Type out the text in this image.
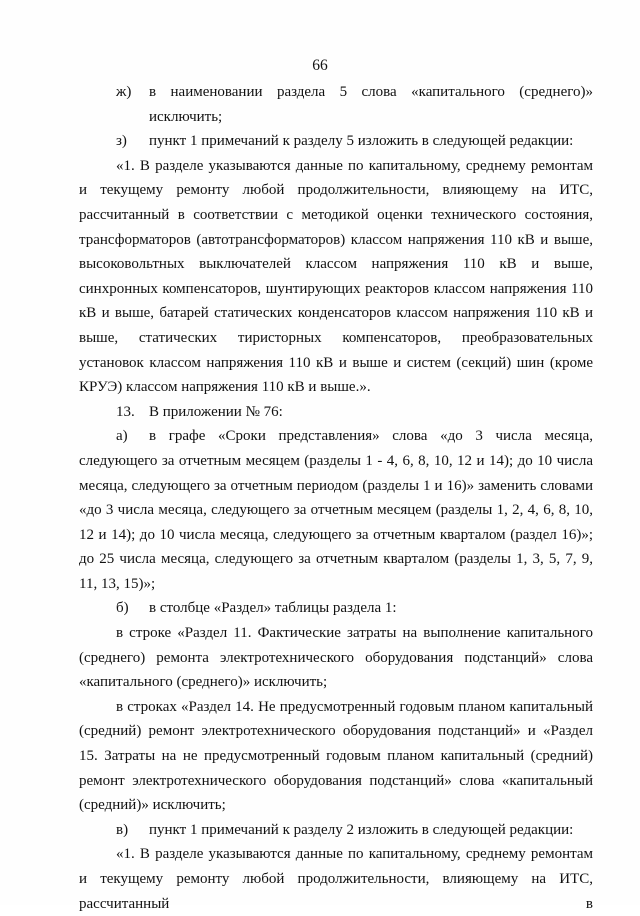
66
ж)	в наименовании раздела 5 слова «капитального (среднего)» исключить;
з)	пункт 1 примечаний к разделу 5 изложить в следующей редакции:

«1. В разделе указываются данные по капитальному, среднему ремонтам и текущему ремонту любой продолжительности, влияющему на ИТС, рассчитанный в соответствии с методикой оценки технического состояния, трансформаторов (автотрансформаторов) классом напряжения 110 кВ и выше, высоковольтных выключателей классом напряжения 110 кВ и выше, синхронных компенсаторов, шунтирующих реакторов классом напряжения 110 кВ и выше, батарей статических конденсаторов классом напряжения 110 кВ и выше, статических тиристорных компенсаторов, преобразовательных установок классом напряжения 110 кВ и выше и систем (секций) шин (кроме КРУЭ) классом напряжения 110 кВ и выше.».

13. В приложении № 76:

а) в графе «Сроки представления» слова «до 3 числа месяца, следующего за отчетным месяцем (разделы 1 - 4, 6, 8, 10, 12 и 14); до 10 числа месяца, следующего за отчетным периодом (разделы 1 и 16)» заменить словами «до 3 числа месяца, следующего за отчетным месяцем (разделы 1, 2, 4, 6, 8, 10, 12 и 14); до 10 числа месяца, следующего за отчетным кварталом (раздел 16)»; до 25 числа месяца, следующего за отчетным кварталом (разделы 1, 3, 5, 7, 9, 11, 13, 15)»;

б)	в столбце «Раздел» таблицы раздела 1:

в строке «Раздел 11. Фактические затраты на выполнение капитального (среднего) ремонта электротехнического оборудования подстанций» слова «капитального (среднего)» исключить;

в строках «Раздел 14. Не предусмотренный годовым планом капитальный (средний) ремонт электротехнического оборудования подстанций» и «Раздел 15. Затраты на не предусмотренный годовым планом капитальный (средний) ремонт электротехнического оборудования подстанций» слова «капитальный (средний)» исключить;

в)	пункт 1 примечаний к разделу 2 изложить в следующей редакции:

«1. В разделе указываются данные по капитальному, среднему ремонтам и текущему ремонту любой продолжительности, влияющему на ИТС, рассчитанный в
